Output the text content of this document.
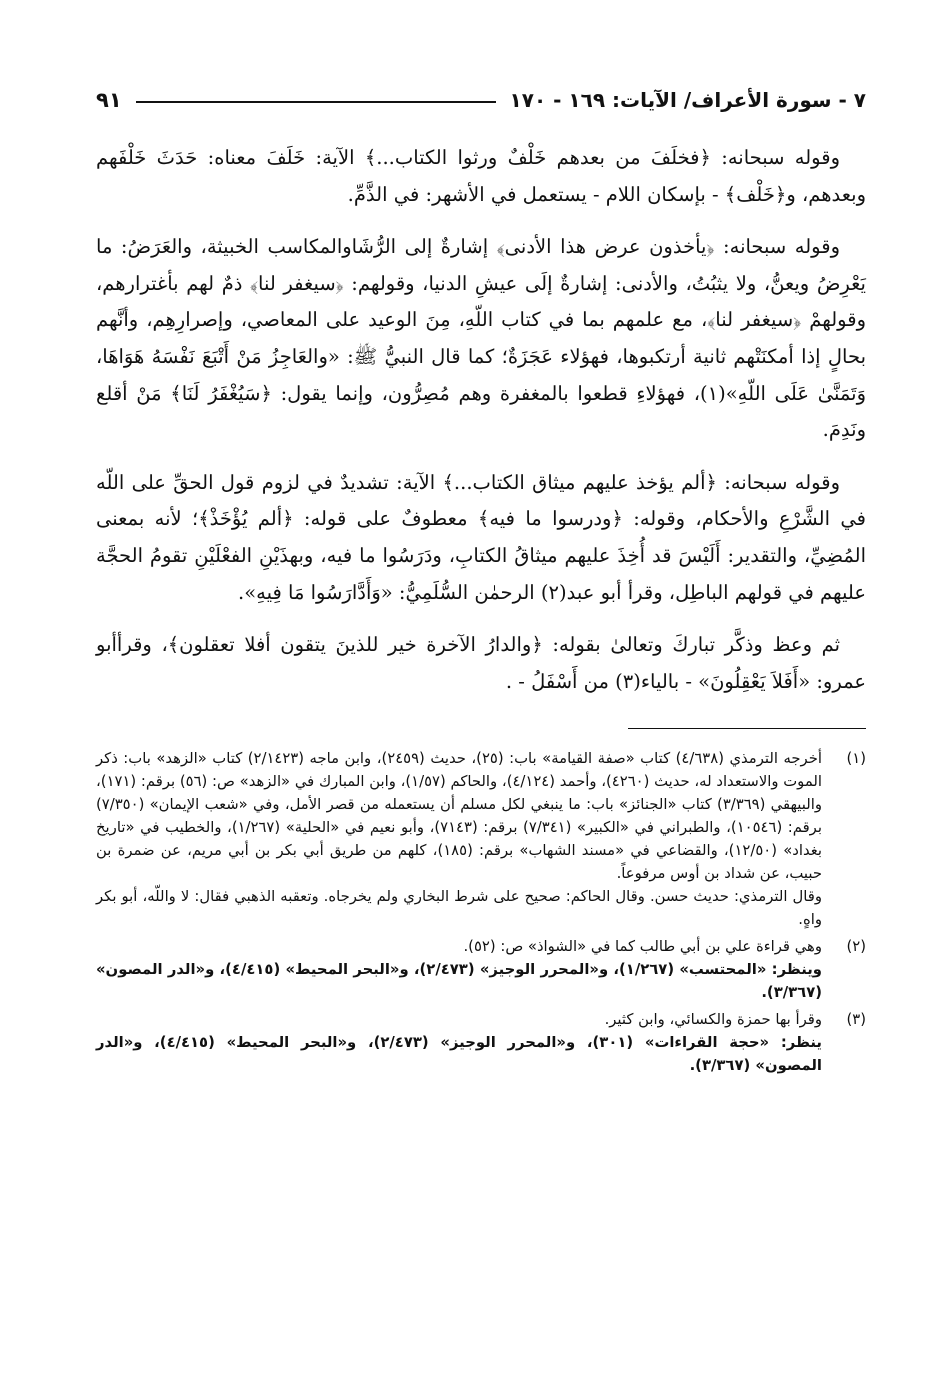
٧ - سورة الأعراف/ الآيات: ١٦٩ - ١٧٠
٩١

وقوله سبحانه: ﴿فخلَفَ من بعدهم خَلْفٌ ورثوا الكتاب...﴾ الآية: خَلَفَ معناه: حَدَثَ خَلْفَهم وبعدهم، و﴿خَلْف﴾ - بإسكان اللام - يستعمل في الأشهر: في الذَّمِّ.

وقوله سبحانه: ﴿يأخذون عرض هذا الأدنى﴾ إشارةٌ إلى الرُّشَاوالمكاسب الخبيثة، والعَرَضُ: ما يَعْرِضُ ويعنُّ، ولا يثبُتُ، والأدنى: إشارةٌ إلَى عيشِ الدنيا، وقولهم: ﴿سيغفر لنا﴾ ذمٌ لهم بأغترارهم، وقولهمْ ﴿سيغفر لنا﴾، مع علمهم بما في كتاب اللّهِ، مِنَ الوعيد على المعاصي، وإصرارِهِم، وأنَّهم بحالٍ إذا أمكنَتْهم ثانية أرتكبوها، فهؤلاء عَجَزَةٌ؛ كما قال النبيُّ ﷺ: «والعَاجِزُ مَنْ أَتْبَعَ نَفْسَهُ هَوَاهَا، وَتَمَنَّىٰ عَلَى اللّهِ»(١)، فهؤلاءِ قطعوا بالمغفرة وهم مُصِرُّون، وإنما يقول: ﴿سَيُغْفَرُ لَنَا﴾ مَنْ أقلع ونَدِمَ.

وقوله سبحانه: ﴿ألم يؤخذ عليهم ميثاق الكتاب...﴾ الآية: تشديدٌ في لزوم قول الحقِّ على اللّه في الشَّرْعِ والأحكام، وقوله: ﴿ودرسوا ما فيه﴾ معطوفٌ على قوله: ﴿ألم يُؤْخَذْ﴾؛ لأنه بمعنى المُضِيِّ، والتقدير: أَلَيْسَ قد أُخِذَ عليهم ميثاقُ الكتابِ، ودَرَسُوا ما فيه، وبهذَيْنِ الفعْلَيْنِ تقومُ الحجَّة عليهم في قولهم الباطِل، وقرأ أبو عبد(٢) الرحمٰن السُّلَمِيُّ: «وَأَدَّارَسُوا مَا فِيهِ».

ثم وعظ وذكَّر تباركَ وتعالىٰ بقوله: ﴿والدارُ الآخرة خير للذينَ يتقون أفلا تعقلون﴾، وقرأأبو عمرو: «أَفَلاَ يَعْقِلُونَ» - بالياء(٣) من أَسْفَلُ - .

(١)
أخرجه الترمذي (٤/٦٣٨) كتاب «صفة القيامة» باب: (٢٥)، حديث (٢٤٥٩)، وابن ماجه (٢/١٤٢٣) كتاب «الزهد» باب: ذكر الموت والاستعداد له، حديث (٤٢٦٠)، وأحمد (٤/١٢٤)، والحاكم (١/٥٧)، وابن المبارك في «الزهد» ص: (٥٦) برقم: (١٧١)، والبيهقي (٣/٣٦٩) كتاب «الجنائز» باب: ما ينبغي لكل مسلم أن يستعمله من قصر الأمل، وفي «شعب الإيمان» (٧/٣٥٠) برقم: (١٠٥٤٦)، والطبراني في «الكبير» (٧/٣٤١) برقم: (٧١٤٣)، وأبو نعيم في «الحلية» (١/٢٦٧)، والخطيب في «تاريخ بغداد» (١٢/٥٠)، والقضاعي في «مسند الشهاب» برقم: (١٨٥)، كلهم من طريق أبي بكر بن أبي مريم، عن ضمرة بن حبيب، عن شداد بن أوس مرفوعاً.
وقال الترمذي: حديث حسن. وقال الحاكم: صحيح على شرط البخاري ولم يخرجاه. وتعقبه الذهبي فقال: لا واللّه، أبو بكر واهٍ.
(٢)
وهي قراءة علي بن أبي طالب كما في «الشواذ» ص: (٥٢).
وينظر: «المحتسب» (١/٢٦٧)، و«المحرر الوجيز» (٢/٤٧٣)، و«البحر المحيط» (٤/٤١٥)، و«الدر المصون» (٣/٣٦٧).
(٣)
وقرأ بها حمزة والكسائي، وابن كثير.
ينظر: «حجة القراءات» (٣٠١)، و«المحرر الوجيز» (٢/٤٧٣)، و«البحر المحيط» (٤/٤١٥)، و«الدر المصون» (٣/٣٦٧).
